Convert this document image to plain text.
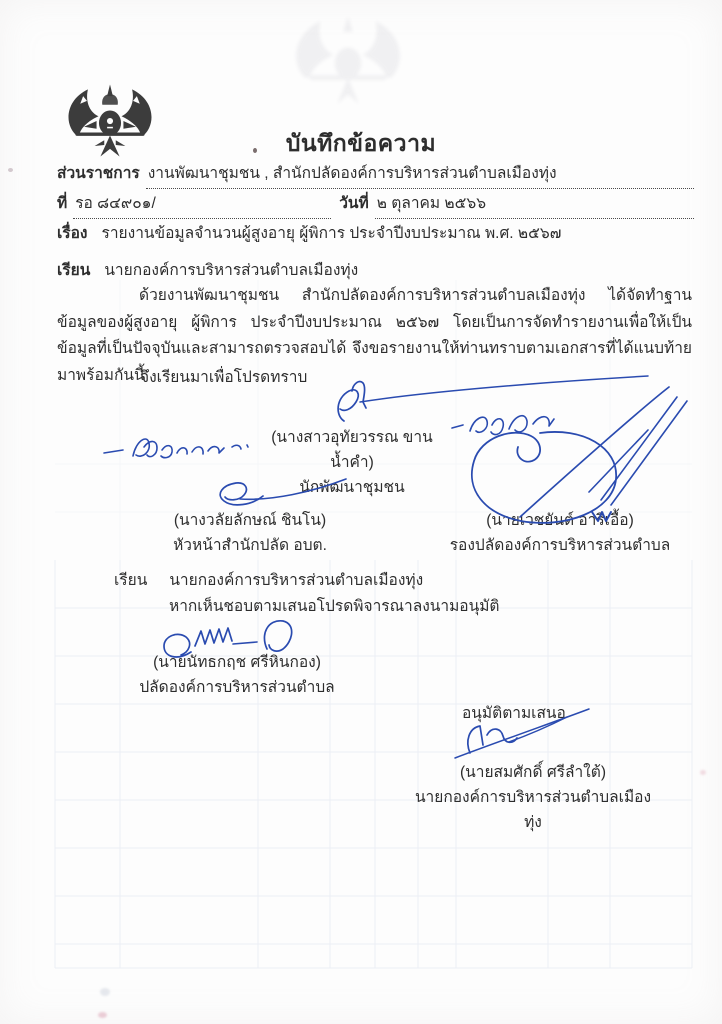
บันทึกข้อความ
ส่วนราชการ งานพัฒนาชุมชน , สำนักปลัดองค์การบริหารส่วนตำบลเมืองทุ่ง
ที่ รอ ๘๔๙๐๑/	วันที่ ๒ ตุลาคม ๒๕๖๖
เรื่อง รายงานข้อมูลจำนวนผู้สูงอายุ ผู้พิการ ประจำปีงบประมาณ พ.ศ. ๒๕๖๗
เรียน นายกองค์การบริหารส่วนตำบลเมืองทุ่ง
ด้วยงานพัฒนาชุมชน สำนักปลัดองค์การบริหารส่วนตำบลเมืองทุ่ง ได้จัดทำฐานข้อมูลของผู้สูงอายุ ผู้พิการ ประจำปีงบประมาณ ๒๕๖๗ โดยเป็นการจัดทำรายงานเพื่อให้เป็นข้อมูลที่เป็นปัจจุบันและสามารถตรวจสอบได้ จึงขอรายงานให้ท่านทราบตามเอกสารที่ได้แนบท้ายมาพร้อมกันนี้
จึงเรียนมาเพื่อโปรดทราบ
(นางสาวอุทัยวรรณ ขานน้ำคำ)
นักพัฒนาชุมชน
(นางวลัยลักษณ์ ชินโน)
หัวหน้าสำนักปลัด อบต.
(นายเวชยันต์ อารีเอื้อ)
รองปลัดองค์การบริหารส่วนตำบล
เรียน	นายกองค์การบริหารส่วนตำบลเมืองทุ่ง
หากเห็นชอบตามเสนอโปรดพิจารณาลงนามอนุมัติ
(นายนัทธกฤช ศรีหินกอง)
ปลัดองค์การบริหารส่วนตำบล
อนุมัติตามเสนอ
(นายสมศักดิ์ ศรีลำใต้)
นายกองค์การบริหารส่วนตำบลเมืองทุ่ง
